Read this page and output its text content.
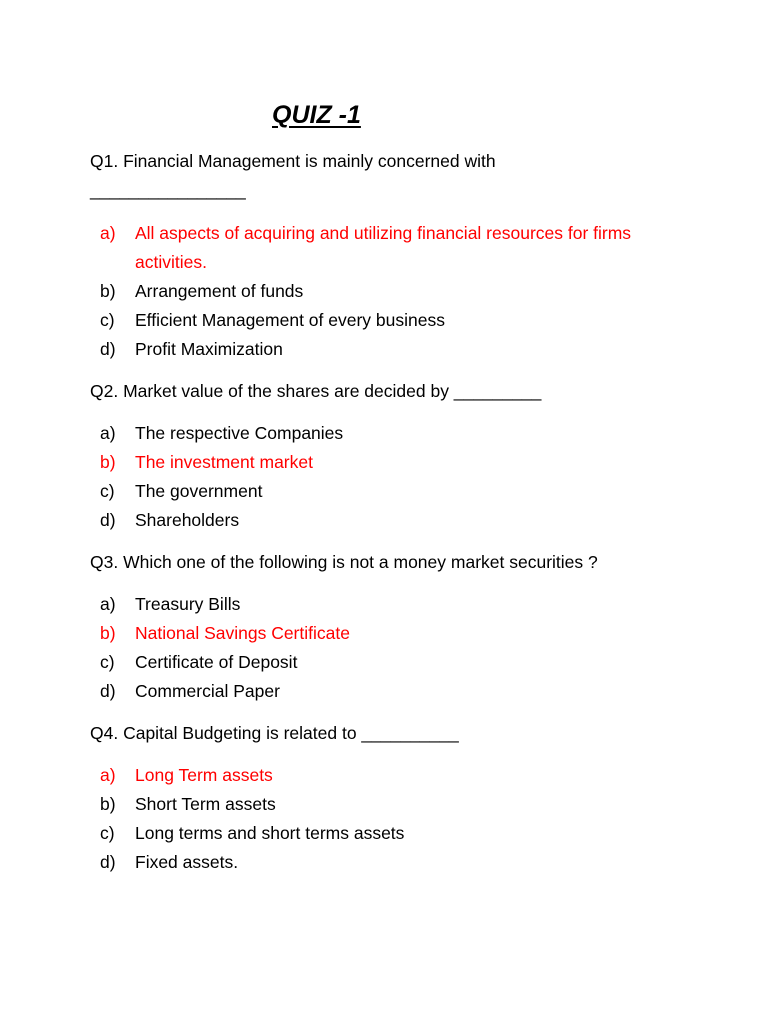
QUIZ -1

Q1. Financial Management is mainly concerned with
________________

a) All aspects of acquiring and utilizing financial resources for firms activities.
b) Arrangement of funds
c) Efficient Management of every business
d) Profit Maximization

Q2. Market value of the shares are decided by _________

a) The respective Companies
b) The investment market
c) The government
d) Shareholders

Q3. Which one of the following is not a money market securities ?

a) Treasury Bills
b) National Savings Certificate
c) Certificate of Deposit
d) Commercial Paper

Q4. Capital Budgeting is related to __________

a) Long Term assets
b) Short Term assets
c) Long terms and short terms assets
d) Fixed assets.
